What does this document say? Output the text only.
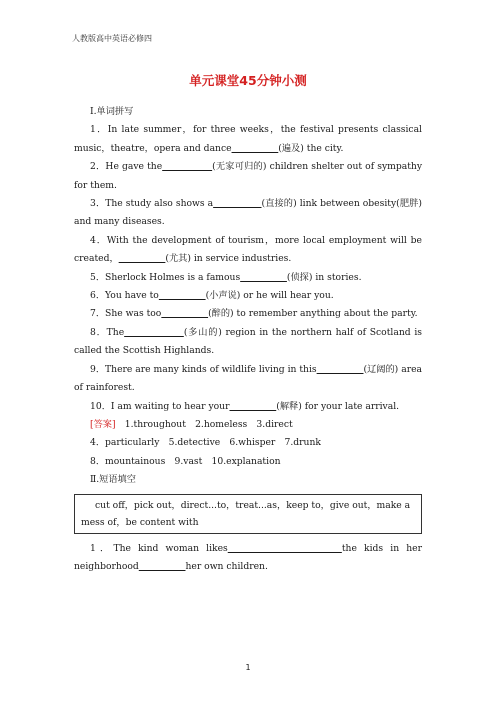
人教版高中英语必修四
单元课堂45分钟小测

Ⅰ.单词拼写

1．In late summer，for three weeks，the festival presents classical music，theatre，opera and dance	(遍及) the city.

2．He gave the	(无家可归的) children shelter out of sympathy for them.

3．The study also shows a	(直接的) link between obesity(肥胖) and many diseases.

4．With the development of tourism，more local employment will be created，	(尤其) in service industries.

5．Sherlock Holmes is a famous	(侦探) in stories.

6．You have to	(小声说) or he will hear you.

7．She was too	(醉的) to remember anything about the party.

8．The	(多山的) region in the northern half of Scotland is called the Scottish Highlands.

9．There are many kinds of wildlife living in this	(辽阔的) area of rainforest.

10．I am waiting to hear your	(解释) for your late arrival.

[答案]　 1.throughout　2.homeless　3.direct

4．particularly　5.detective　6.whisper　7.drunk

8．mountainous　9.vast　10.explanation

Ⅱ.短语填空

cut off，pick out，direct...to，treat...as，keep to，give out，make a mess of，be content with

1．The kind woman likes	the kids in her neighborhood	her own children.

1
